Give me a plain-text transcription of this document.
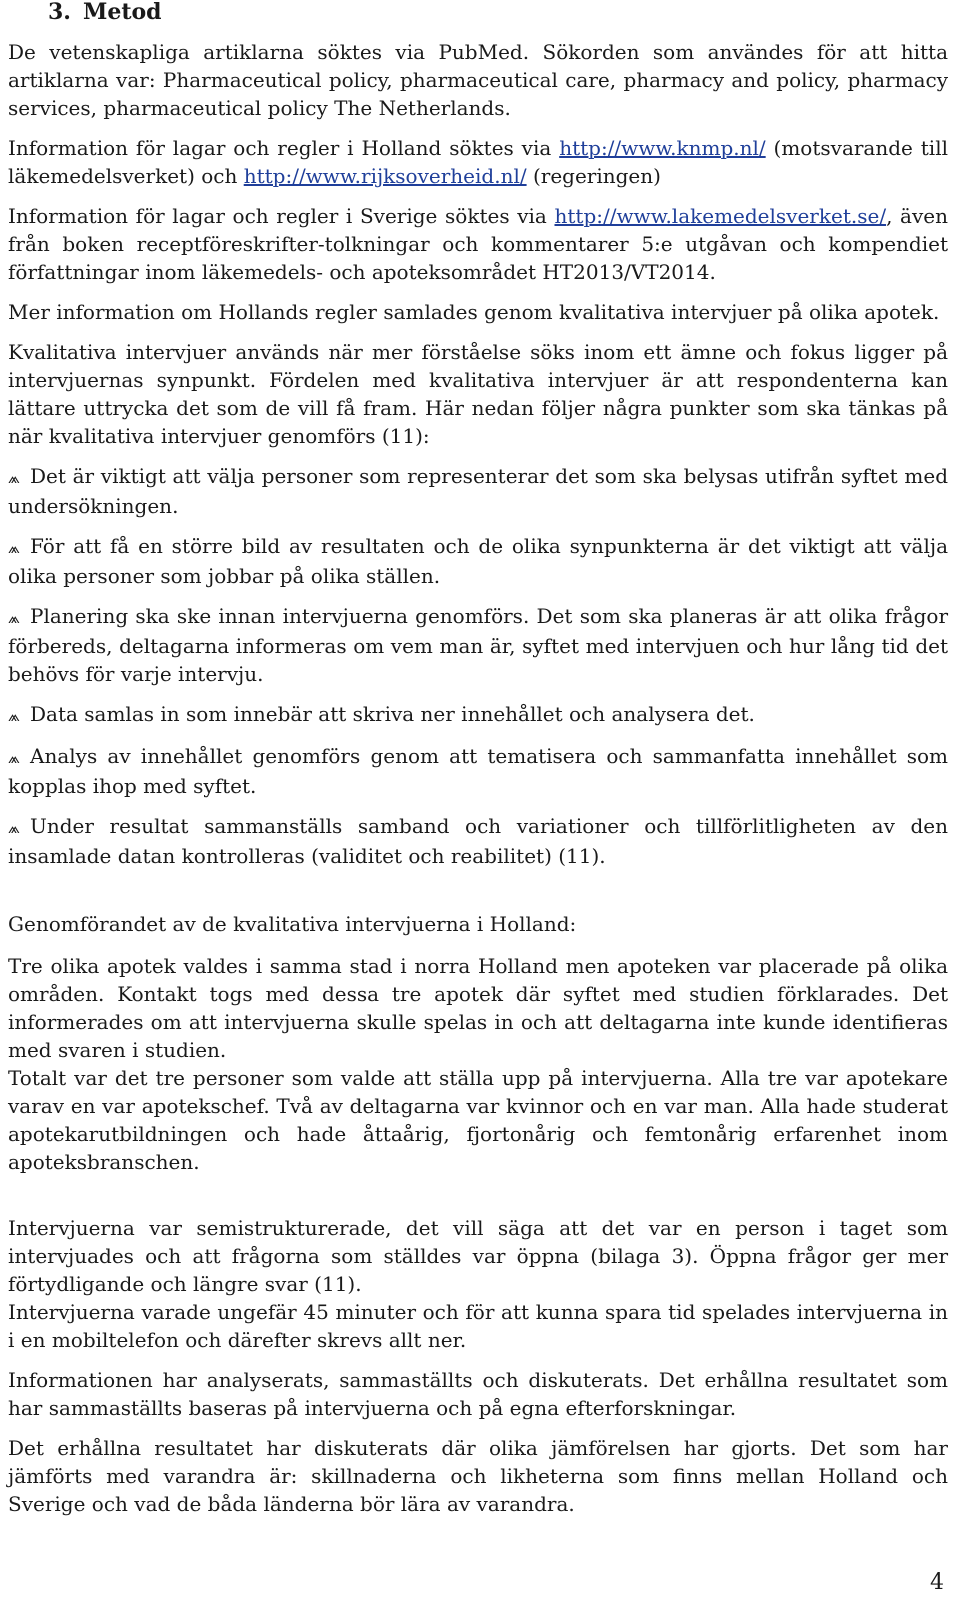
3. Metod

De vetenskapliga artiklarna söktes via PubMed. Sökorden som användes för att hitta artiklarna var: Pharmaceutical policy, pharmaceutical care, pharmacy and policy, pharmacy services, pharmaceutical policy The Netherlands.

Information för lagar och regler i Holland söktes via http://www.knmp.nl/ (motsvarande till läkemedelsverket) och http://www.rijksoverheid.nl/ (regeringen)

Information för lagar och regler i Sverige söktes via http://www.lakemedelsverket.se/, även från boken receptföreskrifter-tolkningar och kommentarer 5:e utgåvan och kompendiet författningar inom läkemedels- och apoteksområdet HT2013/VT2014.

Mer information om Hollands regler samlades genom kvalitativa intervjuer på olika apotek.

Kvalitativa intervjuer används när mer förståelse söks inom ett ämne och fokus ligger på intervjuernas synpunkt. Fördelen med kvalitativa intervjuer är att respondenterna kan lättare uttrycka det som de vill få fram. Här nedan följer några punkter som ska tänkas på när kvalitativa intervjuer genomförs (11):

⩕ Det är viktigt att välja personer som representerar det som ska belysas utifrån syftet med undersökningen.
⩕ För att få en större bild av resultaten och de olika synpunkterna är det viktigt att välja olika personer som jobbar på olika ställen.
⩕ Planering ska ske innan intervjuerna genomförs. Det som ska planeras är att olika frågor förbereds, deltagarna informeras om vem man är, syftet med intervjuen och hur lång tid det behövs för varje intervju.
⩕ Data samlas in som innebär att skriva ner innehållet och analysera det.
⩕ Analys av innehållet genomförs genom att tematisera och sammanfatta innehållet som kopplas ihop med syftet.
⩕ Under resultat sammanställs samband och variationer och tillförlitligheten av den insamlade datan kontrolleras (validitet och reabilitet) (11).

Genomförandet av de kvalitativa intervjuerna i Holland:

Tre olika apotek valdes i samma stad i norra Holland men apoteken var placerade på olika områden. Kontakt togs med dessa tre apotek där syftet med studien förklarades. Det informerades om att intervjuerna skulle spelas in och att deltagarna inte kunde identifieras med svaren i studien.

Totalt var det tre personer som valde att ställa upp på intervjuerna. Alla tre var apotekare varav en var apotekschef. Två av deltagarna var kvinnor och en var man. Alla hade studerat apotekarutbildningen och hade åttaårig, fjortonårig och femtonårig erfarenhet inom apoteksbranschen.

Intervjuerna var semistrukturerade, det vill säga att det var en person i taget som intervjuades och att frågorna som ställdes var öppna (bilaga 3). Öppna frågor ger mer förtydligande och längre svar (11).

Intervjuerna varade ungefär 45 minuter och för att kunna spara tid spelades intervjuerna in i en mobiltelefon och därefter skrevs allt ner.

Informationen har analyserats, sammaställts och diskuterats. Det erhållna resultatet som har sammaställts baseras på intervjuerna och på egna efterforskningar.

Det erhållna resultatet har diskuterats där olika jämförelsen har gjorts. Det som har jämförts med varandra är: skillnaderna och likheterna som finns mellan Holland och Sverige och vad de båda länderna bör lära av varandra.

4
